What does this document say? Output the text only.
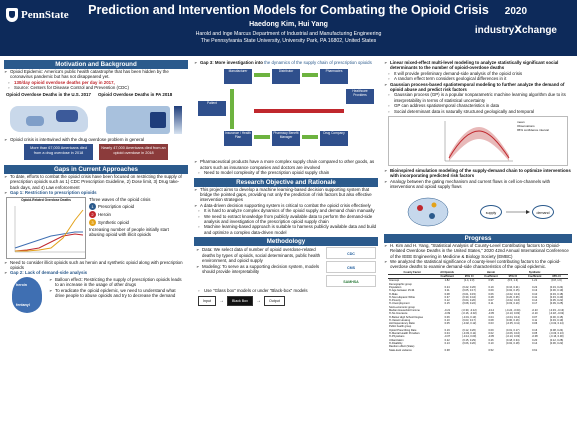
PennState	Prediction and Intervention Models for Combating the Opioid Crisis
Haedong Kim, Hui Yang
Harold and Inge Marcus Department of Industrial and Manufacturing Engineering
The Pennsylvania State University, University Park, PA 16802, United States
2020
industry𝗫change
Motivation and Background
➢ Opioid Epidemic: America's public health catastrophe that has been hidden by the coronavirus pandemic but has not disappeared yet.
▫ 130/day opioid overdose deaths per day in 2017,
▫ Source: Centers for Disease Control and Prevention (CDC)
Opioid Overdose Deaths in the U.S. 2017	Opioid Overdose Deaths in PA 2018
➢ Opioid crisis is intertwined with the drug overdose problem in general
More than 67,000 Americans died from a drug overdose in 2018
Nearly 47,000 Americans died from an opioid overdose in 2018
Gaps in Current Approaches
➢ To date, efforts to combat the opioid crisis have been focused on restricting the supply of prescription opioids such as 1) CDC Prescription Guideline, 2) Dose limit, 3) Drug take-back days, and 4) Law enforcement
➢ Gap 1: Restriction to prescription opioids
Opioid-Related Overdose Deaths	Three waves of the opioid crisis
1 Prescription opioid
2 Heroin
3 Synthetic opioid
Increasing number of people initially start abusing opioid with illicit opioids
➢ Need to consider illicit opioids such as heroin and synthetic opioid along with prescription opioids
➢ Gap 2: Lack of demand-side analysis
heroin
fentanyl
➢ Balloon effect: Restricting the supply of prescription opioids leads to an increase in the usage of other drugs
➢ To eradicate the opioid epidemic, we need to understand what drive people to abuse opioids and try to decrease the demand
➢ Gap 3: More investigation into the dynamics of the supply chain of prescription opioids
Manufacturer	Distributor	Pharmacies
Patient
Healthcare Providers
Insurance / Health Plan
Pharmacy Benefit Manager
Drug Company
➢ Pharmaceutical products have a more complex supply chain compared to other goods, as actors such as insurance companies and doctors are involved
▫ Need to model complexity of the prescription opioid supply chain
Research Objective and Rationale
➢ This project aims to develop a machine learning-based decision supporting system that bridge the pointed gaps, providing not only the prediction of risk factors but also effective intervention strategies
➢ A data-driven decision supporting system is critical to combat the opioid crisis effectively
▫ It is hard to analyze complex dynamics of the opioid supply and demand chain manually
▫ We need to extract knowledge from publicly available data to perform the demand-side analysis and investigation of the prescription opioid supply chain
▫ Machine learning-based approach is suitable to harness publicly available data and build and optimize a complex data-driven model
Methodology
➢ Data: We select data of number of opioid overdose-related deaths by types of opioids, social determinants, public health environment, and opioid supply
➢ Modeling: To serve as a supporting decision system, models should provide interpretability
CDC
CMS
SAMHSA
▫ Use "Glass box" models or under "Black-box" models
Input	→	Black Box	→	Output
➢ Linear mixed-effect multi-level modeling to analyze statistically significant social determinants to the number of opioid-overdose deaths
▫ It will provide preliminary demand-side analysis of the opioid crisis
▫ A random effect term considers geological differences in it
➢ Gaussian process-based spatiotemporal modeling to further analyze the demand of opioid abuse and predict risk factors
▫ Gaussian process (GP) is a popular nonparametric machine learning algorithm due to its interpretability in terms of statistical uncertainty
▫ GP can address spatiotemporal characteristics in data
▫ Social determinant data is naturally structured geologically and temporal
mean
Observations
95% confidence interval
➢ Bioinspired simulation modeling of the supply-demand chain to optimize interventions with incorporating predicted risk factors
➢ Analogy between the gating mechanism and current flows in cell ion-channels with interventions and opioid supply flows
supply	demand
Progress
➢ H. Kim and H. Yang, "Statistical Analysis of County-Level Contributing factors to Opioid-Related Overdose Deaths in the United States," 2020 42nd Annual International Conference of the IEEE Engineering in Medicine & Biology Society (EMBC)
➢ We analyzed the statistical significance of county-level contributing factors to the opioid-overdose deaths to examine demand-side characteristics of the opioid epidemic.
County Factor	All Opioids		Heroin		Synthetic	
	Coefficient	95% CI	Coefficient	95% CI	Coefficient	95% CI
Intercept	1.82	(1.4, 2.3)	0.95	(0.5, 1.3)	1.21	(0.8, 1.6)
Demographic group						
Population	0.24	(0.22, 0.26)	0.19	(0.16, 0.21)	0.22	(0.19, 0.24)
% Age between 15-34	0.11	(0.05, 0.17)	0.09	(0.02, 0.15)	0.13	(0.06, 0.19)
% Male	0.08	(0.01, 0.15)	0.06	(-0.02, 0.13)	0.10	(0.03, 0.18)
% Non-Hispanic White	0.37	(0.30, 0.44)	0.28	(0.20, 0.36)	0.41	(0.33, 0.49)
% Poverty	0.12	(0.04, 0.20)	0.07	(-0.02, 0.16)	0.14	(0.05, 0.22)
% Unemployment	0.15	(0.08, 0.22)	0.11	(0.03, 0.19)	0.17	(0.09, 0.25)
Socio-economic group						
Median Household Income	-0.21	(-0.30, -0.12)	-0.14	(-0.24, -0.04)	-0.23	(-0.33, -0.13)
% No Insurance	-0.09	(-0.16, -0.02)	-0.05	(-0.13, 0.03)	-0.10	(-0.18, -0.02)
% Below High School Degree	0.06	(-0.01, 0.13)	0.04	(-0.04, 0.12)	0.07	(0.00, 0.15)
% Vacant Housing	0.10	(0.03, 0.17)	0.08	(0.00, 0.16)	0.11	(0.03, 0.19)
HH Dependency Ratio	0.05	(-0.02, 0.12)	0.03	(-0.05, 0.11)	0.06	(-0.02, 0.14)
Public health group						
Opioid Prescribing Rate	0.19	(0.12, 0.26)	0.09	(0.01, 0.17)	0.16	(0.08, 0.24)
% Mental Health Providers	0.04	(-0.03, 0.11)	0.02	(-0.06, 0.10)	0.05	(-0.03, 0.13)
% Physicians	-0.07	(-0.14, 0.00)	-0.05	(-0.13, 0.03)	-0.08	(-0.16, 0.00)
Urbanization	0.22	(0.15, 0.29)	0.26	(0.18, 0.34)	0.20	(0.12, 0.28)
% Disability	0.13	(0.06, 0.20)	0.10	(0.02, 0.18)	0.14	(0.06, 0.22)
Random effect (State)						
State-level variance	0.38		0.52		0.61	
